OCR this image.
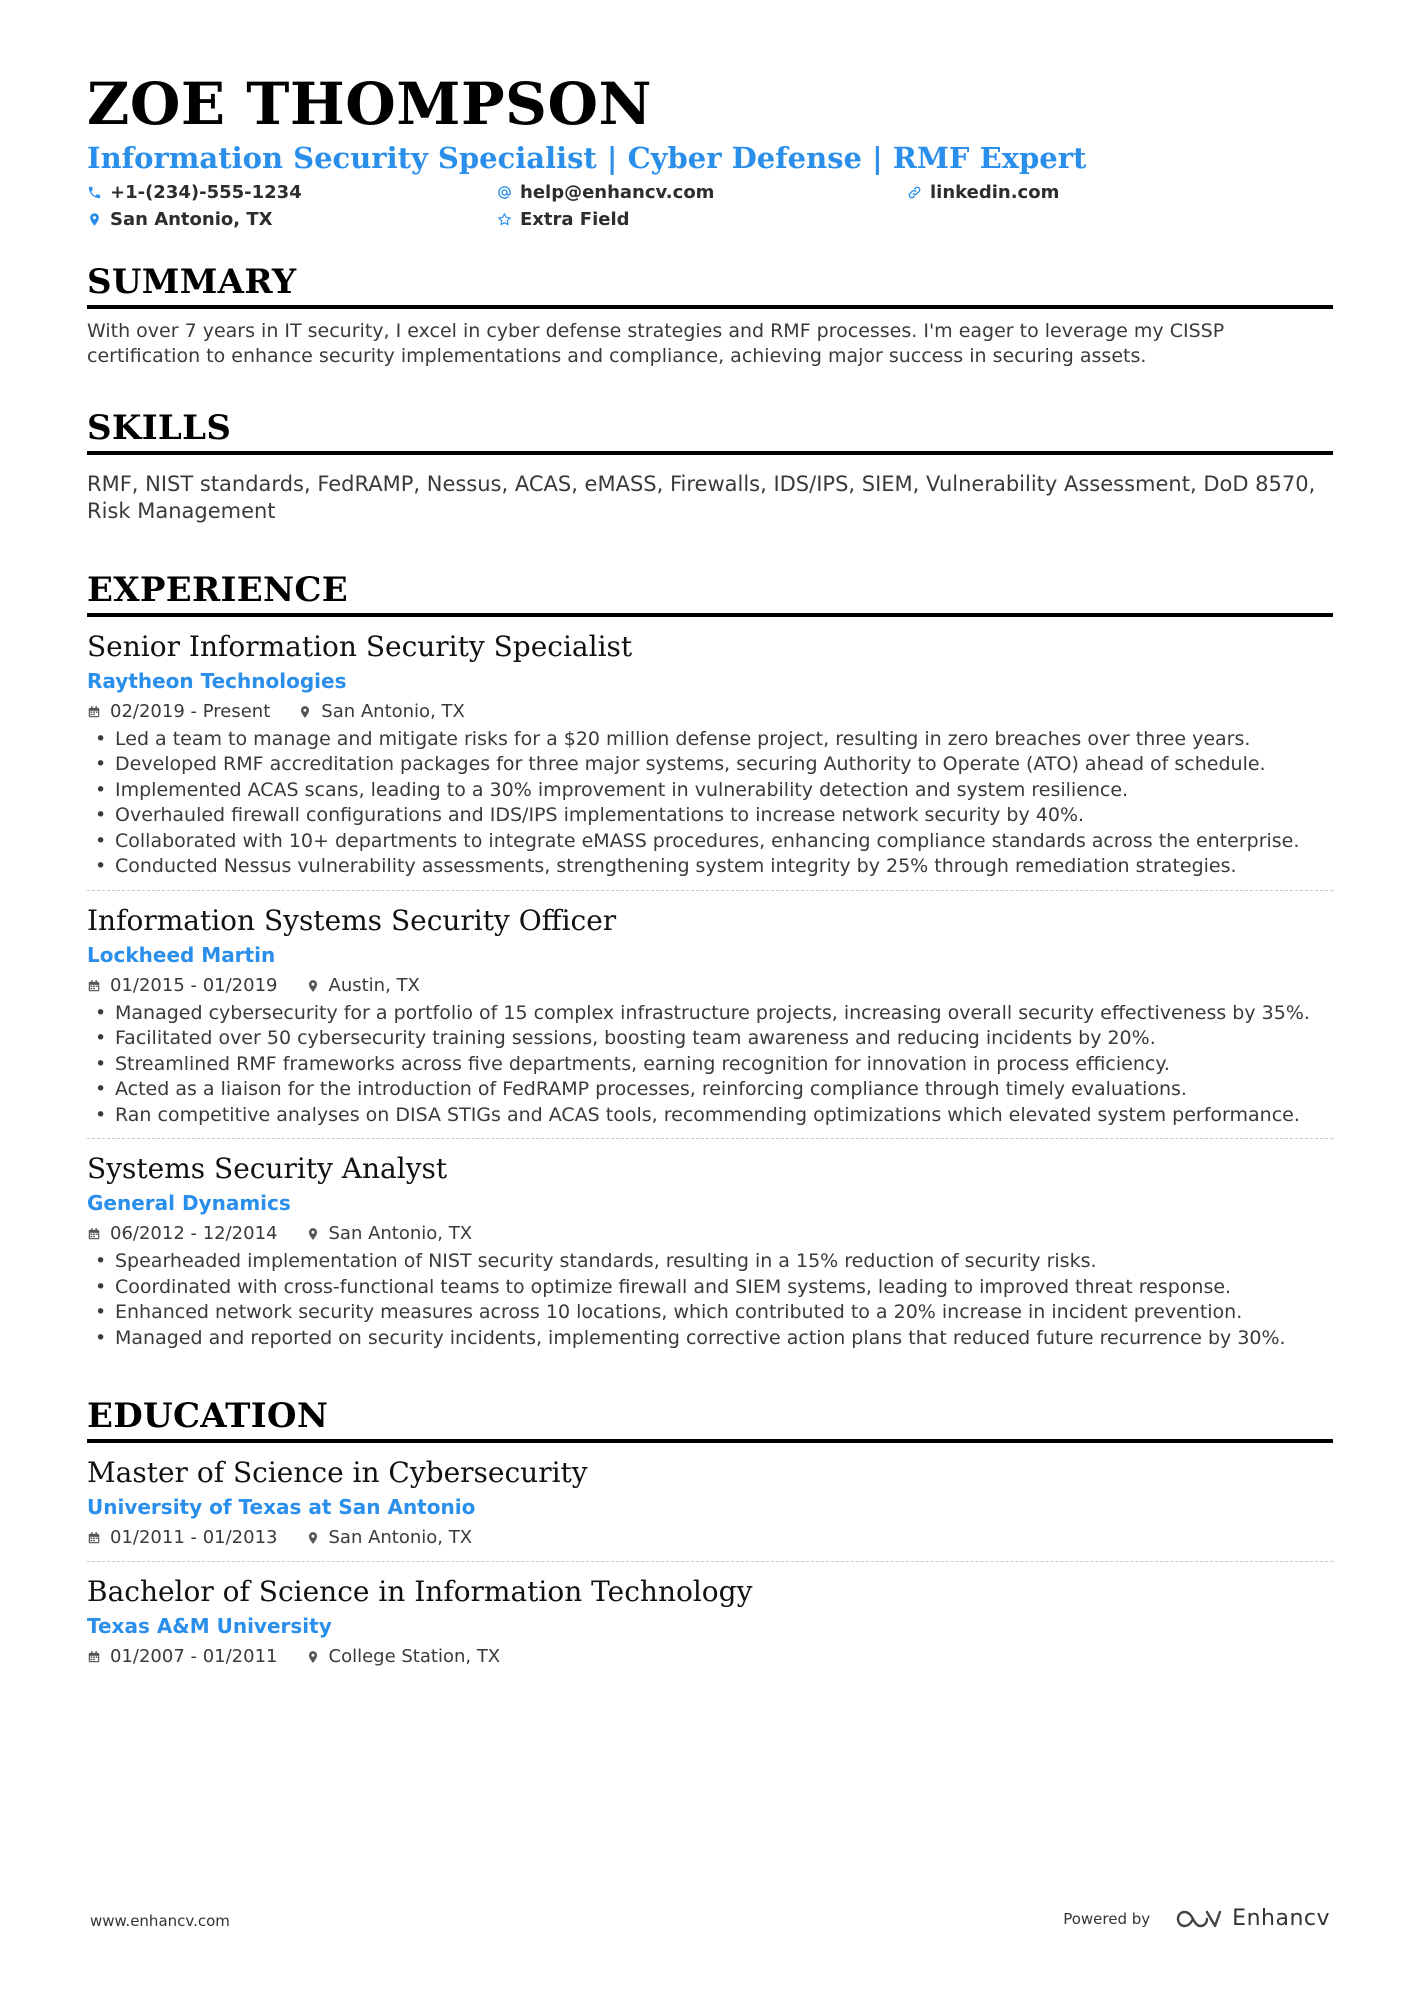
ZOE THOMPSON
Information Security Specialist | Cyber Defense | RMF Expert
+1-(234)-555-1234	help@enhancv.com	linkedin.com
San Antonio, TX	Extra Field
SUMMARY
With over 7 years in IT security, I excel in cyber defense strategies and RMF processes. I'm eager to leverage my CISSP certification to enhance security implementations and compliance, achieving major success in securing assets.
SKILLS
RMF, NIST standards, FedRAMP, Nessus, ACAS, eMASS, Firewalls, IDS/IPS, SIEM, Vulnerability Assessment, DoD 8570, Risk Management
EXPERIENCE
Senior Information Security Specialist
Raytheon Technologies
02/2019 - Present	San Antonio, TX
• Led a team to manage and mitigate risks for a $20 million defense project, resulting in zero breaches over three years.
• Developed RMF accreditation packages for three major systems, securing Authority to Operate (ATO) ahead of schedule.
• Implemented ACAS scans, leading to a 30% improvement in vulnerability detection and system resilience.
• Overhauled firewall configurations and IDS/IPS implementations to increase network security by 40%.
• Collaborated with 10+ departments to integrate eMASS procedures, enhancing compliance standards across the enterprise.
• Conducted Nessus vulnerability assessments, strengthening system integrity by 25% through remediation strategies.
Information Systems Security Officer
Lockheed Martin
01/2015 - 01/2019	Austin, TX
• Managed cybersecurity for a portfolio of 15 complex infrastructure projects, increasing overall security effectiveness by 35%.
• Facilitated over 50 cybersecurity training sessions, boosting team awareness and reducing incidents by 20%.
• Streamlined RMF frameworks across five departments, earning recognition for innovation in process efficiency.
• Acted as a liaison for the introduction of FedRAMP processes, reinforcing compliance through timely evaluations.
• Ran competitive analyses on DISA STIGs and ACAS tools, recommending optimizations which elevated system performance.
Systems Security Analyst
General Dynamics
06/2012 - 12/2014	San Antonio, TX
• Spearheaded implementation of NIST security standards, resulting in a 15% reduction of security risks.
• Coordinated with cross-functional teams to optimize firewall and SIEM systems, leading to improved threat response.
• Enhanced network security measures across 10 locations, which contributed to a 20% increase in incident prevention.
• Managed and reported on security incidents, implementing corrective action plans that reduced future recurrence by 30%.
EDUCATION
Master of Science in Cybersecurity
University of Texas at San Antonio
01/2011 - 01/2013	San Antonio, TX
Bachelor of Science in Information Technology
Texas A&M University
01/2007 - 01/2011	College Station, TX
www.enhancv.com	Powered by	Enhancv
